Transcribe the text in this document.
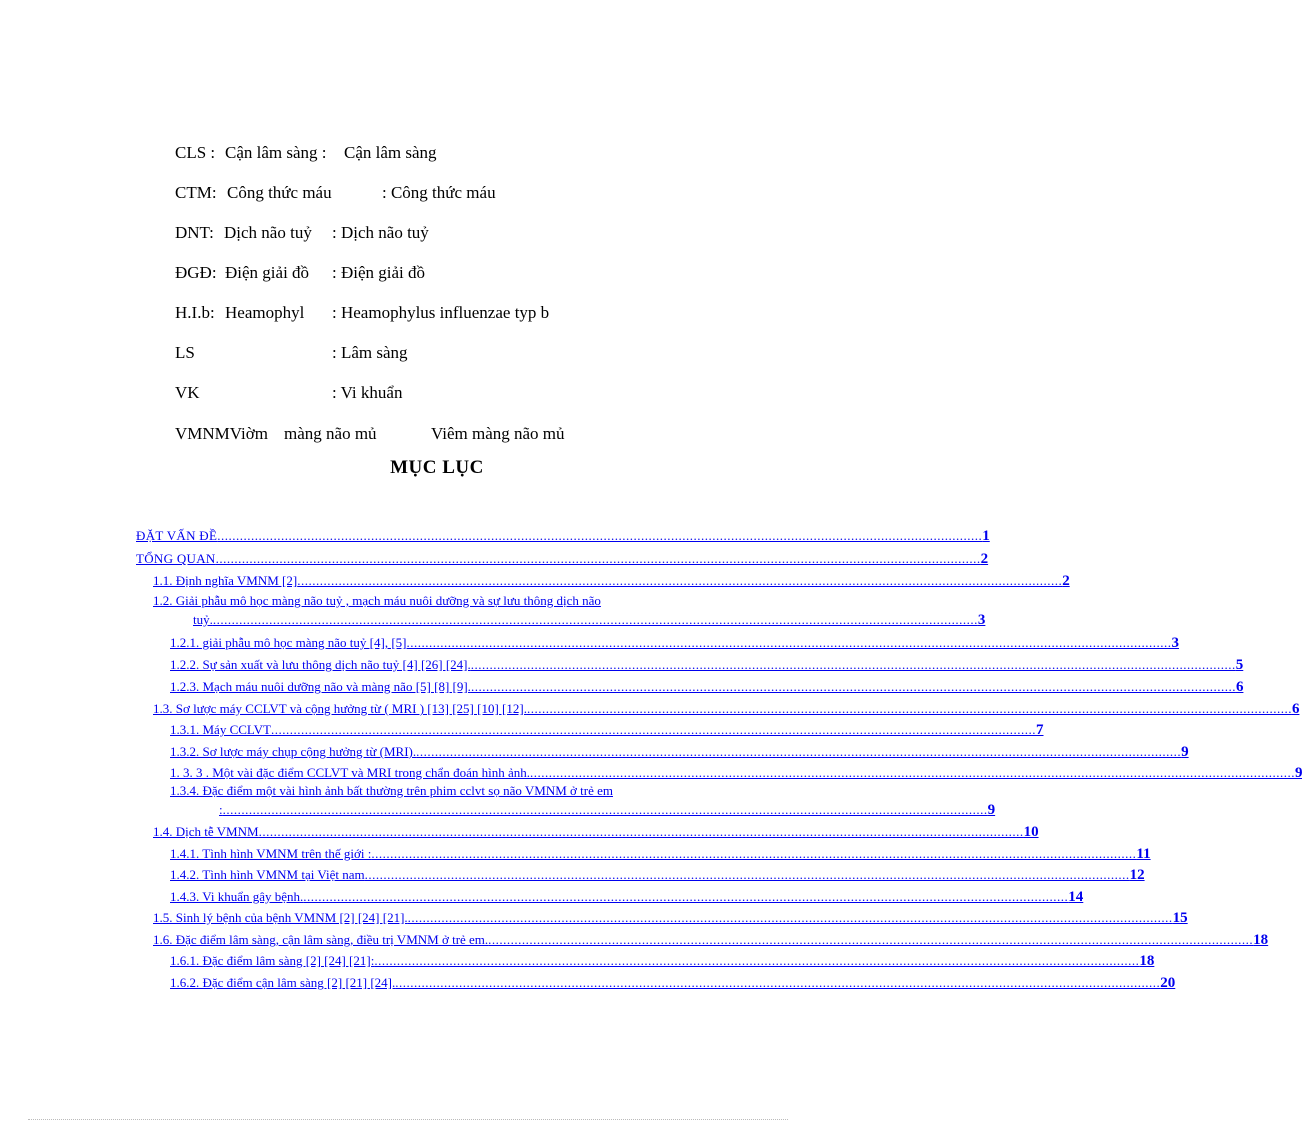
CLS : Cận lâm sàng : Cận lâm sàng
CTM: Công thức máu	: Công thức máu
DNT: Dịch não tuỷ : Dịch não tuỷ
ĐGĐ: Điện giải đồ : Điện giải đồ
H.I.b: Heamophyl : Heamophylus influenzae typ b
LS	: Lâm sàng
VK	: Vi khuẩn
VMNMViờm màng não mủ	Viêm màng não mủ
MỤC LỤC
ĐẶT VẤN ĐỀ ............................................................................................................................................................................................................ 1
TỔNG QUAN ............................................................................................................................................................................................................ 2
1.1. Định nghĩa VMNM [2] ............................................................................................................................................................................................................ 2
1.2. Giải phẫu mô học màng não tuỷ , mạch máu nuôi dưỡng và sự lưu thông dịch não
tuỷ. ............................................................................................................................................................................................................ 3
1.2.1. giải phẫu mô học màng não tuỷ [4], [5] ............................................................................................................................................................................................................ 3
1.2.2. Sự sản xuất và lưu thông dịch não tuỷ [4] [26] [24]. ............................................................................................................................................................................................................ 5
1.2.3. Mạch máu nuôi dưỡng não và màng não [5] [8] [9]. ............................................................................................................................................................................................................ 6
1.3. Sơ lược máy CCLVT và cộng hưởng từ ( MRI ) [13] [25] [10] [12]. ............................................................................................................................................................................................................ 6
1.3.1. Máy CCLVT ............................................................................................................................................................................................................ 7
1.3.2. Sơ lược máy chụp cộng hưởng từ (MRI). ............................................................................................................................................................................................................ 9
1. 3. 3 . Một vài đặc điểm CCLVT và MRI trong chẩn đoán hình ảnh. ............................................................................................................................................................................................................ 9
1.3.4. Đặc điểm một vài hình ảnh bất thường trên phim cclvt sọ não VMNM ở trẻ em
: ............................................................................................................................................................................................................ 9
1.4. Dịch tễ VMNM ............................................................................................................................................................................................................ 10
1.4.1. Tình hình VMNM trên thế giới : ............................................................................................................................................................................................................ 11
1.4.2. Tình hình VMNM tại Việt nam ............................................................................................................................................................................................................ 12
1.4.3. Vi khuẩn gây bệnh. ............................................................................................................................................................................................................ 14
1.5. Sinh lý bệnh của bệnh VMNM [2] [24] [21]. ............................................................................................................................................................................................................ 15
1.6. Đặc điểm lâm sàng, cận lâm sàng, điều trị VMNM ở trẻ em. ............................................................................................................................................................................................................ 18
1.6.1. Đặc điểm lâm sàng [2] [24] [21]: ............................................................................................................................................................................................................ 18
1.6.2. Đặc điểm cận lâm sàng [2] [21] [24]. ............................................................................................................................................................................................................ 20
